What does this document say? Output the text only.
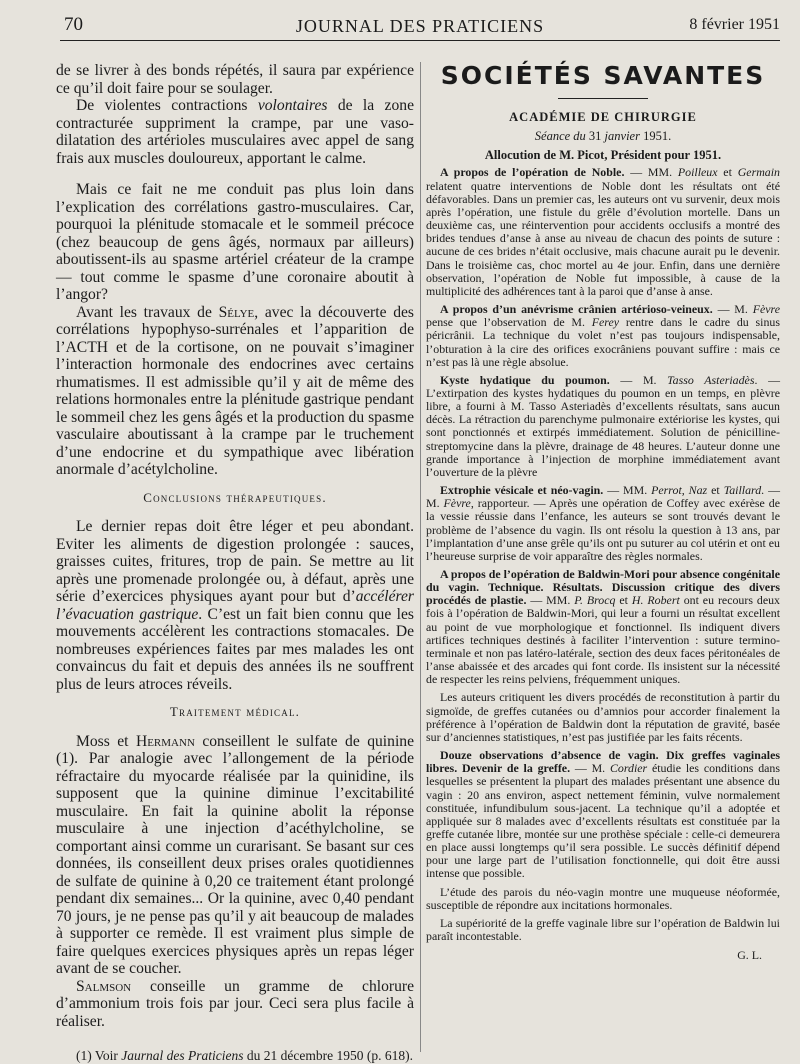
70	JOURNAL DES PRATICIENS	8 février 1951

de se livrer à des bonds répétés, il saura par expérience ce qu’il doit faire pour se soulager.

De violentes contractions volontaires de la zone contracturée suppriment la crampe, par une vaso-dilatation des artérioles musculaires avec appel de sang frais aux muscles douloureux, apportant le calme.

Mais ce fait ne me conduit pas plus loin dans l’explication des corrélations gastro-musculaires. Car, pourquoi la plénitude stomacale et le sommeil précoce (chez beaucoup de gens âgés, normaux par ailleurs) aboutissent-ils au spasme artériel créateur de la crampe — tout comme le spasme d’une coronaire aboutit à l’angor?

Avant les travaux de Sélye, avec la découverte des corrélations hypophyso-surrénales et l’apparition de l’ACTH et de la cortisone, on ne pouvait s’imaginer l’interaction hormonale des endocrines avec certains rhumatismes. Il est admissible qu’il y ait de même des relations hormonales entre la plénitude gastrique pendant le sommeil chez les gens âgés et la production du spasme vasculaire aboutissant à la crampe par le truchement d’une endocrine et du sympathique avec libération anormale d’acétylcholine.

Conclusions thérapeutiques.

Le dernier repas doit être léger et peu abondant. Eviter les aliments de digestion prolongée : sauces, graisses cuites, fritures, trop de pain. Se mettre au lit après une promenade prolongée ou, à défaut, après une série d’exercices physiques ayant pour but d’accélérer l’évacuation gastrique. C’est un fait bien connu que les mouvements accélèrent les contractions stomacales. De nombreuses expériences faites par mes malades les ont convaincus du fait et depuis des années ils ne souffrent plus de leurs atroces réveils.

Traitement médical.

Moss et Hermann conseillent le sulfate de quinine (1). Par analogie avec l’allongement de la période réfractaire du myocarde réalisée par la quinidine, ils supposent que la quinine diminue l’excitabilité musculaire. En fait la quinine abolit la réponse musculaire à une injection d’acéthylcholine, se comportant ainsi comme un curarisant. Se basant sur ces données, ils conseillent deux prises orales quotidiennes de sulfate de quinine à 0,20 ce traitement étant prolongé pendant dix semaines... Or la quinine, avec 0,40 pendant 70 jours, je ne pense pas qu’il y ait beaucoup de malades à supporter ce remède. Il est vraiment plus simple de faire quelques exercices physiques après un repas léger avant de se coucher.

Salmson conseille un gramme de chlorure d’ammonium trois fois par jour. Ceci sera plus facile à réaliser.

(1) Voir Jaurnal des Praticiens du 21 décembre 1950 (p. 618).

SOCIÉTÉS SAVANTES
ACADÉMIE DE CHIRURGIE
Séance du 31 janvier 1951.
Allocution de M. Picot, Président pour 1951.

A propos de l’opération de Noble. — MM. Poilleux et Germain relatent quatre interventions de Noble dont les résultats ont été défavorables. Dans un premier cas, les auteurs ont vu survenir, deux mois après l’opération, une fistule du grêle d’évolution mortelle. Dans un deuxième cas, une réintervention pour accidents occlusifs a montré des brides tendues d’anse à anse au niveau de chacun des points de suture : aucune de ces brides n’était occlusive, mais chacune aurait pu le devenir. Dans le troisième cas, choc mortel au 4e jour. Enfin, dans une dernière observation, l’opération de Noble fut impossible, à cause de la multiplicité des adhérences tant à la paroi que d’anse à anse.

A propos d’un anévrisme crânien artérioso-veineux. — M. Fèvre pense que l’observation de M. Ferey rentre dans le cadre du sinus péricrânii. La technique du volet n’est pas toujours indispensable, l’obturation à la cire des orifices exocrâniens pouvant suffire : mais ce n’est pas là une règle absolue.

Kyste hydatique du poumon. — M. Tasso Asteriadès. — L’extirpation des kystes hydatiques du poumon en un temps, en plèvre libre, a fourni à M. Tasso Asteriadès d’excellents résultats, sans aucun décès. La rétraction du parenchyme pulmonaire extériorise les kystes, qui sont ponctionnés et extirpés immédiatement. Solution de pénicilline-streptomycine dans la plèvre, drainage de 48 heures. L’auteur donne une grande importance à l’injection de morphine immédiatement avant l’ouverture de la plèvre

Extrophie vésicale et néo-vagin. — MM. Perrot, Naz et Taillard. — M. Fèvre, rapporteur. — Après une opération de Coffey avec exérèse de la vessie réussie dans l’enfance, les auteurs se sont trouvés devant le problème de l’absence du vagin. Ils ont résolu la question à 13 ans, par l’implantation d’une anse grêle qu’ils ont pu suturer au col utérin et ont eu l’heureuse surprise de voir apparaître des règles normales.

A propos de l’opération de Baldwin-Mori pour absence congénitale du vagin. Technique. Résultats. Discussion critique des divers procédés de plastie. — MM. P. Brocq et H. Robert ont eu recours deux fois à l’opération de Baldwin-Mori, qui leur a fourni un résultat excellent au point de vue morphologique et fonctionnel. Ils indiquent divers artifices techniques destinés à faciliter l’intervention : suture termino-terminale et non pas latéro-latérale, section des deux faces péritonéales de l’anse abaissée et des arcades qui font corde. Ils insistent sur la nécessité de respecter les reins pelviens, fréquemment uniques.

Les auteurs critiquent les divers procédés de reconstitution à partir du sigmoïde, de greffes cutanées ou d’amnios pour accorder finalement la préférence à l’opération de Baldwin dont la réputation de gravité, basée sur d’anciennes statistiques, n’est pas justifiée par les faits récents.

Douze observations d’absence de vagin. Dix greffes vaginales libres. Devenir de la greffe. — M. Cordier étudie les conditions dans lesquelles se présentent la plupart des malades présentant une absence du vagin : 20 ans environ, aspect nettement féminin, vulve normalement constituée, infundibulum sous-jacent. La technique qu’il a adoptée et appliquée sur 8 malades avec d’excellents résultats est constituée par la greffe cutanée libre, montée sur une prothèse spéciale : celle-ci demeurera en place aussi longtemps qu’il sera possible. Le succès définitif dépend pour une large part de l’utilisation fonctionnelle, qui doit être aussi intense que possible.

L’étude des parois du néo-vagin montre une muqueuse néoformée, susceptible de répondre aux incitations hormonales.

La supériorité de la greffe vaginale libre sur l’opération de Baldwin lui paraît incontestable.

G. L.
